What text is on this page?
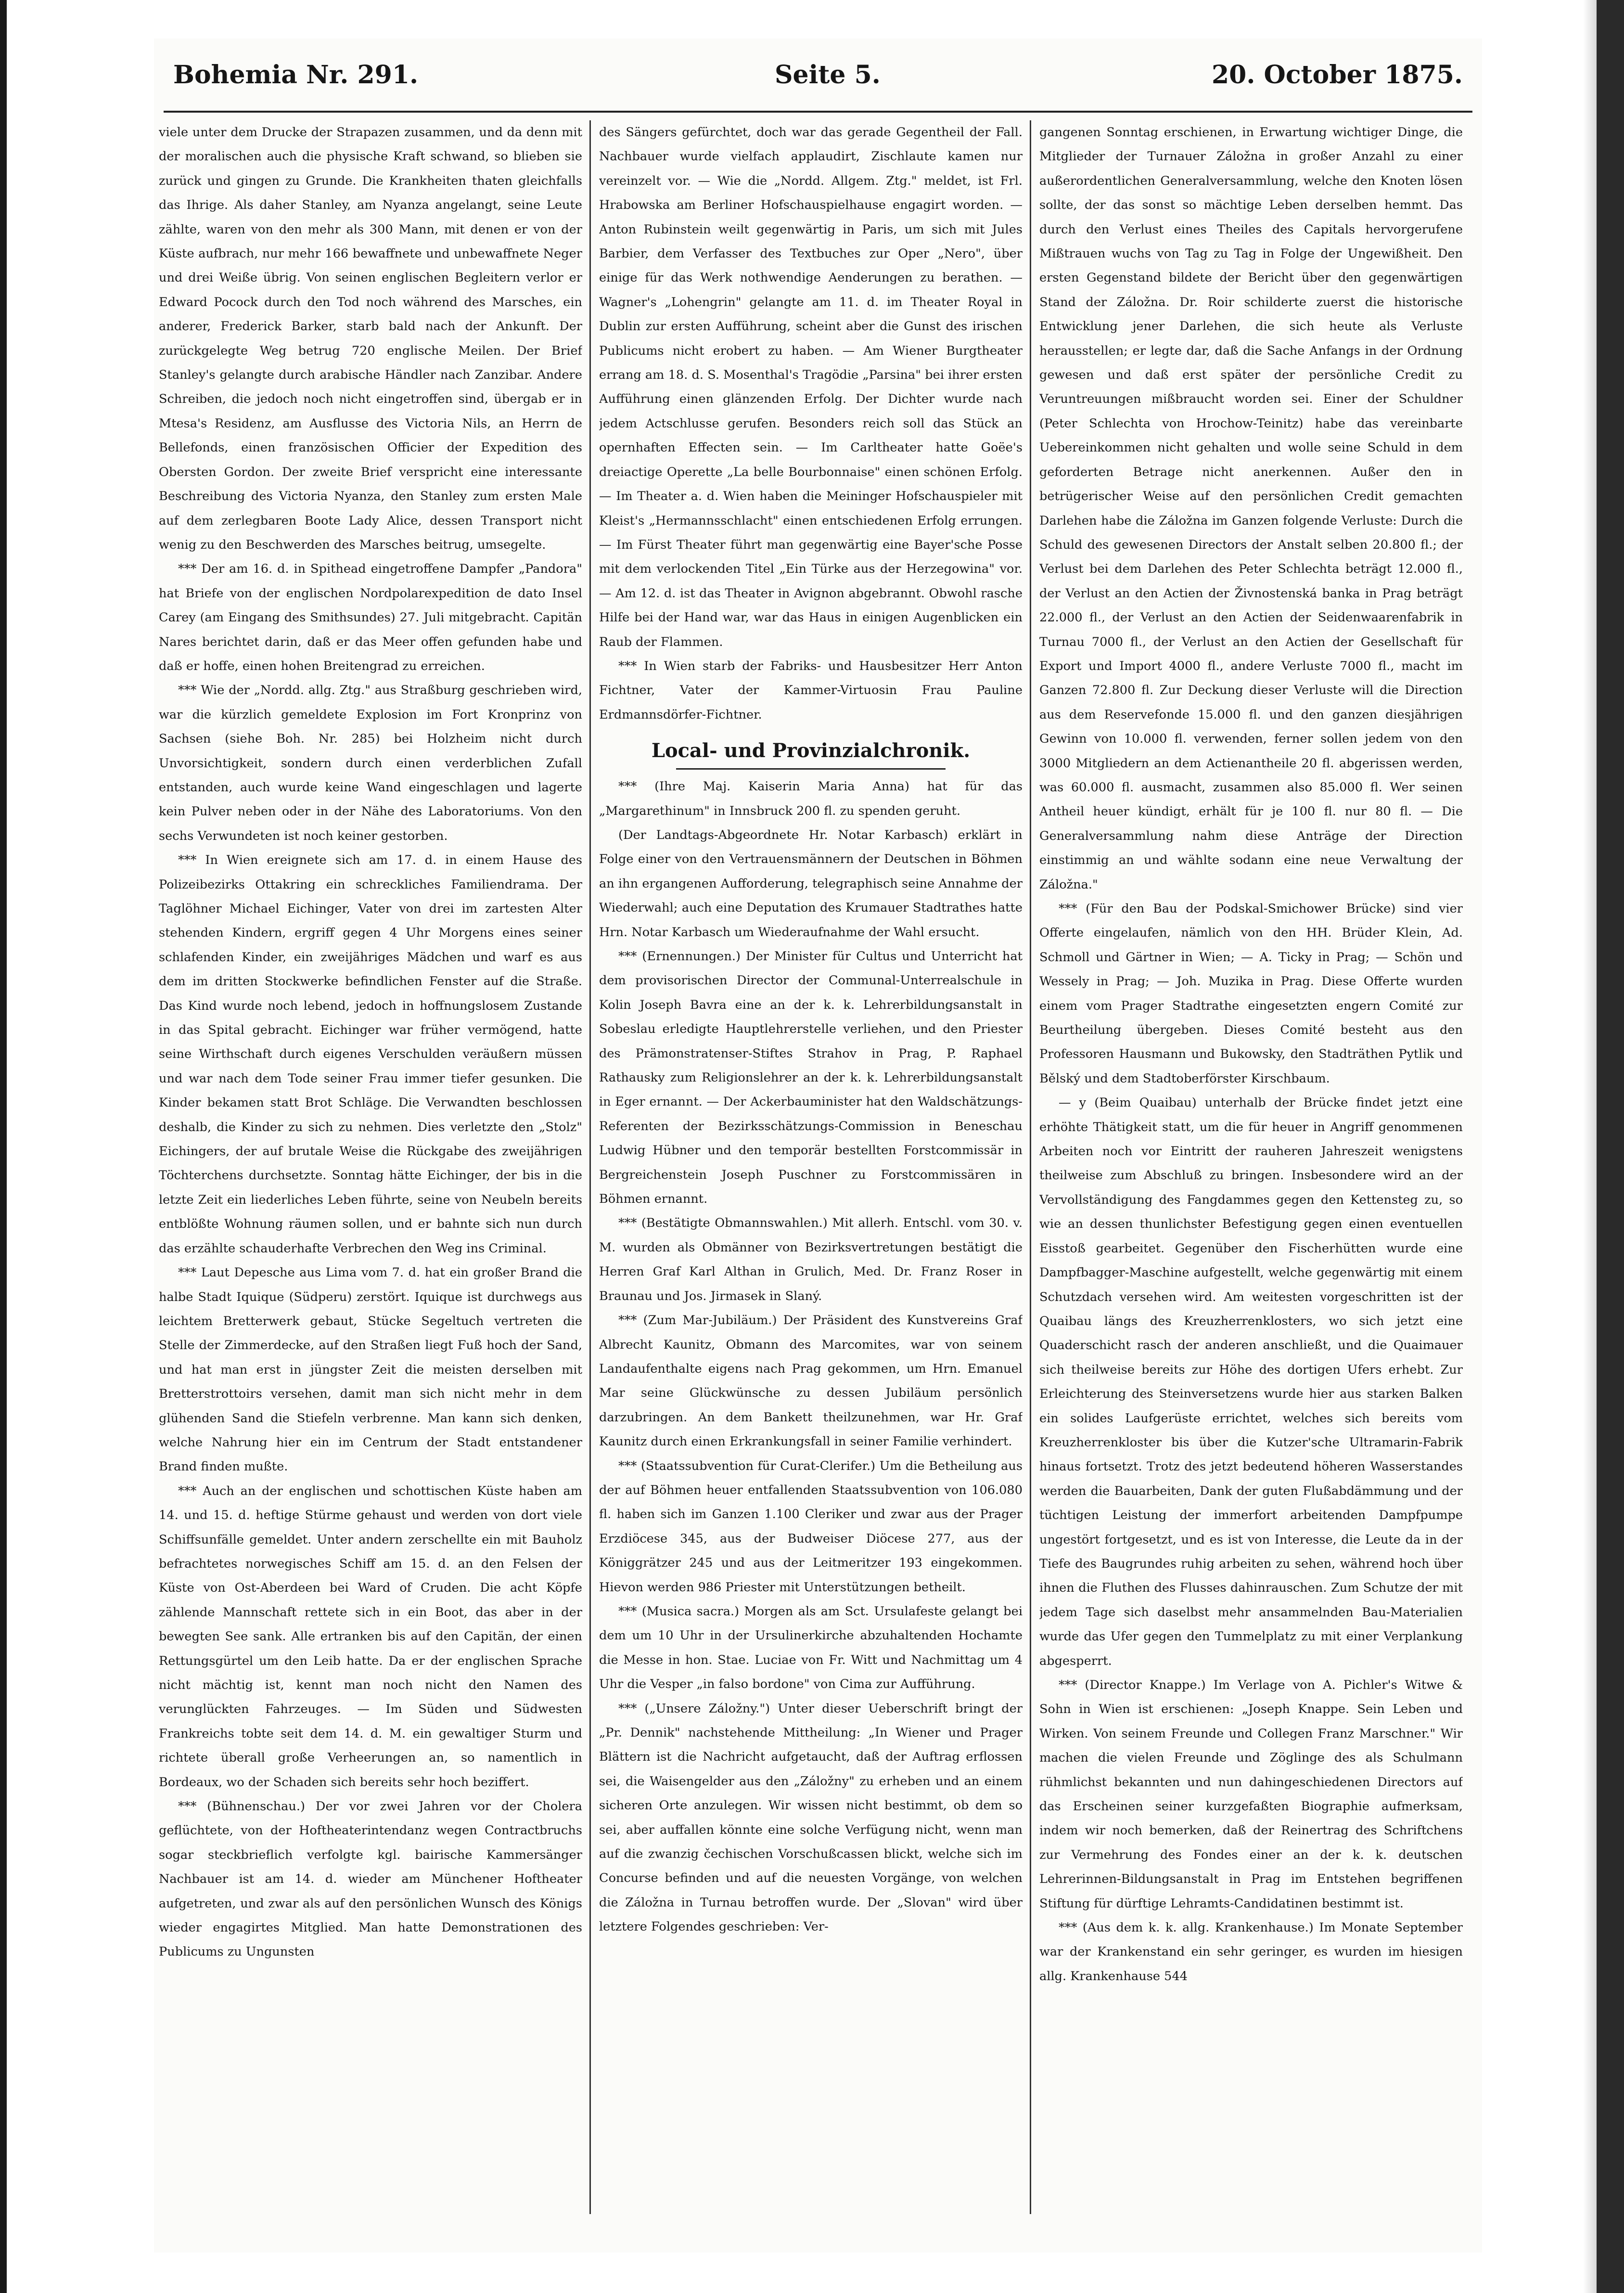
Bohemia Nr. 291.	Seite 5.	20. October 1875.

viele unter dem Drucke der Strapazen zusammen, und da denn mit der moralischen auch die physische Kraft schwand, so blieben sie zurück und gingen zu Grunde. Die Krankheiten thaten gleichfalls das Ihrige. Als daher Stanley, am Nyanza angelangt, seine Leute zählte, waren von den mehr als 300 Mann, mit denen er von der Küste aufbrach, nur mehr 166 bewaffnete und unbewaffnete Neger und drei Weiße übrig. Von seinen englischen Begleitern verlor er Edward Pocock durch den Tod noch während des Marsches, ein anderer, Frederick Barker, starb bald nach der Ankunft. Der zurückgelegte Weg betrug 720 englische Meilen. Der Brief Stanley's gelangte durch arabische Händler nach Zanzibar. Andere Schreiben, die jedoch noch nicht eingetroffen sind, übergab er in Mtesa's Residenz, am Ausflusse des Victoria Nils, an Herrn de Bellefonds, einen französischen Officier der Expedition des Obersten Gordon. Der zweite Brief verspricht eine interessante Beschreibung des Victoria Nyanza, den Stanley zum ersten Male auf dem zerlegbaren Boote Lady Alice, dessen Transport nicht wenig zu den Beschwerden des Marsches beitrug, umsegelte.

*** Der am 16. d. in Spithead eingetroffene Dampfer „Pandora" hat Briefe von der englischen Nordpolarexpedition de dato Insel Carey (am Eingang des Smithsundes) 27. Juli mitgebracht. Capitän Nares berichtet darin, daß er das Meer offen gefunden habe und daß er hoffe, einen hohen Breitengrad zu erreichen.

*** Wie der „Nordd. allg. Ztg." aus Straßburg geschrieben wird, war die kürzlich gemeldete Explosion im Fort Kronprinz von Sachsen (siehe Boh. Nr. 285) bei Holzheim nicht durch Unvorsichtigkeit, sondern durch einen verderblichen Zufall entstanden, auch wurde keine Wand eingeschlagen und lagerte kein Pulver neben oder in der Nähe des Laboratoriums. Von den sechs Verwundeten ist noch keiner gestorben.

*** In Wien ereignete sich am 17. d. in einem Hause des Polizeibezirks Ottakring ein schreckliches Familiendrama. Der Taglöhner Michael Eichinger, Vater von drei im zartesten Alter stehenden Kindern, ergriff gegen 4 Uhr Morgens eines seiner schlafenden Kinder, ein zweijähriges Mädchen und warf es aus dem im dritten Stockwerke befindlichen Fenster auf die Straße. Das Kind wurde noch lebend, jedoch in hoffnungslosem Zustande in das Spital gebracht. Eichinger war früher vermögend, hatte seine Wirthschaft durch eigenes Verschulden veräußern müssen und war nach dem Tode seiner Frau immer tiefer gesunken. Die Kinder bekamen statt Brot Schläge. Die Verwandten beschlossen deshalb, die Kinder zu sich zu nehmen. Dies verletzte den „Stolz" Eichingers, der auf brutale Weise die Rückgabe des zweijährigen Töchterchens durchsetzte. Sonntag hätte Eichinger, der bis in die letzte Zeit ein liederliches Leben führte, seine von Neubeln bereits entblößte Wohnung räumen sollen, und er bahnte sich nun durch das erzählte schauderhafte Verbrechen den Weg ins Criminal.

*** Laut Depesche aus Lima vom 7. d. hat ein großer Brand die halbe Stadt Iquique (Südperu) zerstört. Iquique ist durchwegs aus leichtem Bretterwerk gebaut, Stücke Segeltuch vertreten die Stelle der Zimmerdecke, auf den Straßen liegt Fuß hoch der Sand, und hat man erst in jüngster Zeit die meisten derselben mit Bretterstrottoirs versehen, damit man sich nicht mehr in dem glühenden Sand die Stiefeln verbrenne. Man kann sich denken, welche Nahrung hier ein im Centrum der Stadt entstandener Brand finden mußte.

*** Auch an der englischen und schottischen Küste haben am 14. und 15. d. heftige Stürme gehaust und werden von dort viele Schiffsunfälle gemeldet. Unter andern zerschellte ein mit Bauholz befrachtetes norwegisches Schiff am 15. d. an den Felsen der Küste von Ost-Aberdeen bei Ward of Cruden. Die acht Köpfe zählende Mannschaft rettete sich in ein Boot, das aber in der bewegten See sank. Alle ertranken bis auf den Capitän, der einen Rettungsgürtel um den Leib hatte. Da er der englischen Sprache nicht mächtig ist, kennt man noch nicht den Namen des verunglückten Fahrzeuges. — Im Süden und Südwesten Frankreichs tobte seit dem 14. d. M. ein gewaltiger Sturm und richtete überall große Verheerungen an, so namentlich in Bordeaux, wo der Schaden sich bereits sehr hoch beziffert.

*** (Bühnenschau.) Der vor zwei Jahren vor der Cholera geflüchtete, von der Hoftheaterintendanz wegen Contractbruchs sogar steckbrieflich verfolgte kgl. bairische Kammersänger Nachbauer ist am 14. d. wieder am Münchener Hoftheater aufgetreten, und zwar als auf den persönlichen Wunsch des Königs wieder engagirtes Mitglied. Man hatte Demonstrationen des Publicums zu Ungunsten

des Sängers gefürchtet, doch war das gerade Gegentheil der Fall. Nachbauer wurde vielfach applaudirt, Zischlaute kamen nur vereinzelt vor. — Wie die „Nordd. Allgem. Ztg." meldet, ist Frl. Hrabowska am Berliner Hofschauspielhause engagirt worden. — Anton Rubinstein weilt gegenwärtig in Paris, um sich mit Jules Barbier, dem Verfasser des Textbuches zur Oper „Nero", über einige für das Werk nothwendige Aenderungen zu berathen. — Wagner's „Lohengrin" gelangte am 11. d. im Theater Royal in Dublin zur ersten Aufführung, scheint aber die Gunst des irischen Publicums nicht erobert zu haben. — Am Wiener Burgtheater errang am 18. d. S. Mosenthal's Tragödie „Parsina" bei ihrer ersten Aufführung einen glänzenden Erfolg. Der Dichter wurde nach jedem Actschlusse gerufen. Besonders reich soll das Stück an opernhaften Effecten sein. — Im Carltheater hatte Goëe's dreiactige Operette „La belle Bourbonnaise" einen schönen Erfolg. — Im Theater a. d. Wien haben die Meininger Hofschauspieler mit Kleist's „Hermannsschlacht" einen entschiedenen Erfolg errungen. — Im Fürst Theater führt man gegenwärtig eine Bayer'sche Posse mit dem verlockenden Titel „Ein Türke aus der Herzegowina" vor. — Am 12. d. ist das Theater in Avignon abgebrannt. Obwohl rasche Hilfe bei der Hand war, war das Haus in einigen Augenblicken ein Raub der Flammen.

*** In Wien starb der Fabriks- und Hausbesitzer Herr Anton Fichtner, Vater der Kammer-Virtuosin Frau Pauline Erdmannsdörfer-Fichtner.

Local- und Provinzialchronik.

*** (Ihre Maj. Kaiserin Maria Anna) hat für das „Margarethinum" in Innsbruck 200 fl. zu spenden geruht.

(Der Landtags-Abgeordnete Hr. Notar Karbasch) erklärt in Folge einer von den Vertrauensmännern der Deutschen in Böhmen an ihn ergangenen Aufforderung, telegraphisch seine Annahme der Wiederwahl; auch eine Deputation des Krumauer Stadtrathes hatte Hrn. Notar Karbasch um Wiederaufnahme der Wahl ersucht.

*** (Ernennungen.) Der Minister für Cultus und Unterricht hat dem provisorischen Director der Communal-Unterrealschule in Kolin Joseph Bavra eine an der k. k. Lehrerbildungsanstalt in Sobeslau erledigte Hauptlehrerstelle verliehen, und den Priester des Prämonstratenser-Stiftes Strahov in Prag, P. Raphael Rathausky zum Religionslehrer an der k. k. Lehrerbildungsanstalt in Eger ernannt. — Der Ackerbauminister hat den Waldschätzungs-Referenten der Bezirksschätzungs-Commission in Beneschau Ludwig Hübner und den temporär bestellten Forstcommissär in Bergreichenstein Joseph Puschner zu Forstcommissären in Böhmen ernannt.

*** (Bestätigte Obmannswahlen.) Mit allerh. Entschl. vom 30. v. M. wurden als Obmänner von Bezirksvertretungen bestätigt die Herren Graf Karl Althan in Grulich, Med. Dr. Franz Roser in Braunau und Jos. Jirmasek in Slaný.

*** (Zum Mar-Jubiläum.) Der Präsident des Kunstvereins Graf Albrecht Kaunitz, Obmann des Marcomites, war von seinem Landaufenthalte eigens nach Prag gekommen, um Hrn. Emanuel Mar seine Glückwünsche zu dessen Jubiläum persönlich darzubringen. An dem Bankett theilzunehmen, war Hr. Graf Kaunitz durch einen Erkrankungsfall in seiner Familie verhindert.

*** (Staatssubvention für Curat-Clerifer.) Um die Betheilung aus der auf Böhmen heuer entfallenden Staatssubvention von 106.080 fl. haben sich im Ganzen 1.100 Cleriker und zwar aus der Prager Erzdiöcese 345, aus der Budweiser Diöcese 277, aus der Königgrätzer 245 und aus der Leitmeritzer 193 eingekommen. Hievon werden 986 Priester mit Unterstützungen betheilt.

*** (Musica sacra.) Morgen als am Sct. Ursulafeste gelangt bei dem um 10 Uhr in der Ursulinerkirche abzuhaltenden Hochamte die Messe in hon. Stae. Luciae von Fr. Witt und Nachmittag um 4 Uhr die Vesper „in falso bordone" von Cima zur Aufführung.

*** („Unsere Záložny.") Unter dieser Ueberschrift bringt der „Pr. Dennik" nachstehende Mittheilung: „In Wiener und Prager Blättern ist die Nachricht aufgetaucht, daß der Auftrag erflossen sei, die Waisengelder aus den „Záložny" zu erheben und an einem sicheren Orte anzulegen. Wir wissen nicht bestimmt, ob dem so sei, aber auffallen könnte eine solche Verfügung nicht, wenn man auf die zwanzig čechischen Vorschußcassen blickt, welche sich im Concurse befinden und auf die neuesten Vorgänge, von welchen die Záložna in Turnau betroffen wurde. Der „Slovan" wird über letztere Folgendes geschrieben: Ver-

gangenen Sonntag erschienen, in Erwartung wichtiger Dinge, die Mitglieder der Turnauer Záložna in großer Anzahl zu einer außerordentlichen Generalversammlung, welche den Knoten lösen sollte, der das sonst so mächtige Leben derselben hemmt. Das durch den Verlust eines Theiles des Capitals hervorgerufene Mißtrauen wuchs von Tag zu Tag in Folge der Ungewißheit. Den ersten Gegenstand bildete der Bericht über den gegenwärtigen Stand der Záložna. Dr. Roir schilderte zuerst die historische Entwicklung jener Darlehen, die sich heute als Verluste herausstellen; er legte dar, daß die Sache Anfangs in der Ordnung gewesen und daß erst später der persönliche Credit zu Veruntreuungen mißbraucht worden sei. Einer der Schuldner (Peter Schlechta von Hrochow-Teinitz) habe das vereinbarte Uebereinkommen nicht gehalten und wolle seine Schuld in dem geforderten Betrage nicht anerkennen. Außer den in betrügerischer Weise auf den persönlichen Credit gemachten Darlehen habe die Záložna im Ganzen folgende Verluste: Durch die Schuld des gewesenen Directors der Anstalt selben 20.800 fl.; der Verlust bei dem Darlehen des Peter Schlechta beträgt 12.000 fl., der Verlust an den Actien der Živnostenská banka in Prag beträgt 22.000 fl., der Verlust an den Actien der Seidenwaarenfabrik in Turnau 7000 fl., der Verlust an den Actien der Gesellschaft für Export und Import 4000 fl., andere Verluste 7000 fl., macht im Ganzen 72.800 fl. Zur Deckung dieser Verluste will die Direction aus dem Reservefonde 15.000 fl. und den ganzen diesjährigen Gewinn von 10.000 fl. verwenden, ferner sollen jedem von den 3000 Mitgliedern an dem Actienantheile 20 fl. abgerissen werden, was 60.000 fl. ausmacht, zusammen also 85.000 fl. Wer seinen Antheil heuer kündigt, erhält für je 100 fl. nur 80 fl. — Die Generalversammlung nahm diese Anträge der Direction einstimmig an und wählte sodann eine neue Verwaltung der Záložna."

*** (Für den Bau der Podskal-Smichower Brücke) sind vier Offerte eingelaufen, nämlich von den HH. Brüder Klein, Ad. Schmoll und Gärtner in Wien; — A. Ticky in Prag; — Schön und Wessely in Prag; — Joh. Muzika in Prag. Diese Offerte wurden einem vom Prager Stadtrathe eingesetzten engern Comité zur Beurtheilung übergeben. Dieses Comité besteht aus den Professoren Hausmann und Bukowsky, den Stadträthen Pytlik und Bělský und dem Stadtoberförster Kirschbaum.

— y (Beim Quaibau) unterhalb der Brücke findet jetzt eine erhöhte Thätigkeit statt, um die für heuer in Angriff genommenen Arbeiten noch vor Eintritt der rauheren Jahreszeit wenigstens theilweise zum Abschluß zu bringen. Insbesondere wird an der Vervollständigung des Fangdammes gegen den Kettensteg zu, so wie an dessen thunlichster Befestigung gegen einen eventuellen Eisstoß gearbeitet. Gegenüber den Fischerhütten wurde eine Dampfbagger-Maschine aufgestellt, welche gegenwärtig mit einem Schutzdach versehen wird. Am weitesten vorgeschritten ist der Quaibau längs des Kreuzherrenklosters, wo sich jetzt eine Quaderschicht rasch der anderen anschließt, und die Quaimauer sich theilweise bereits zur Höhe des dortigen Ufers erhebt. Zur Erleichterung des Steinversetzens wurde hier aus starken Balken ein solides Laufgerüste errichtet, welches sich bereits vom Kreuzherrenkloster bis über die Kutzer'sche Ultramarin-Fabrik hinaus fortsetzt. Trotz des jetzt bedeutend höheren Wasserstandes werden die Bauarbeiten, Dank der guten Flußabdämmung und der tüchtigen Leistung der immerfort arbeitenden Dampfpumpe ungestört fortgesetzt, und es ist von Interesse, die Leute da in der Tiefe des Baugrundes ruhig arbeiten zu sehen, während hoch über ihnen die Fluthen des Flusses dahinrauschen. Zum Schutze der mit jedem Tage sich daselbst mehr ansammelnden Bau-Materialien wurde das Ufer gegen den Tummelplatz zu mit einer Verplankung abgesperrt.

*** (Director Knappe.) Im Verlage von A. Pichler's Witwe & Sohn in Wien ist erschienen: „Joseph Knappe. Sein Leben und Wirken. Von seinem Freunde und Collegen Franz Marschner." Wir machen die vielen Freunde und Zöglinge des als Schulmann rühmlichst bekannten und nun dahingeschiedenen Directors auf das Erscheinen seiner kurzgefaßten Biographie aufmerksam, indem wir noch bemerken, daß der Reinertrag des Schriftchens zur Vermehrung des Fondes einer an der k. k. deutschen Lehrerinnen-Bildungsanstalt in Prag im Entstehen begriffenen Stiftung für dürftige Lehramts-Candidatinen bestimmt ist.

*** (Aus dem k. k. allg. Krankenhause.) Im Monate September war der Krankenstand ein sehr geringer, es wurden im hiesigen allg. Krankenhause 544
